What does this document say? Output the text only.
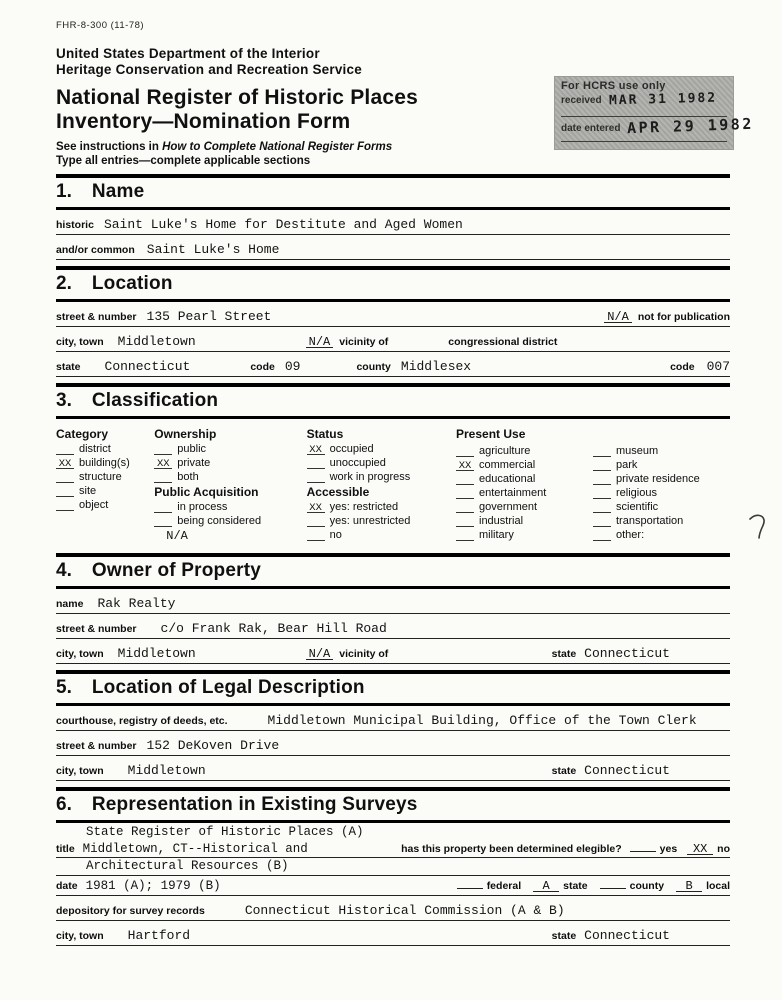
FHR-8-300 (11-78)
United States Department of the Interior
Heritage Conservation and Recreation Service
National Register of Historic Places
Inventory—Nomination Form
See instructions in How to Complete National Register Forms
Type all entries—complete applicable sections
1. Name
historic Saint Luke's Home for Destitute and Aged Women
and/or common Saint Luke's Home
2. Location
street & number 135 Pearl Street	N/A not for publication
city, town Middletown	N/A vicinity of	congressional district
state Connecticut	code 09	county Middlesex	code 007
3. Classification
Category
district
XX building(s)
structure
site
object
Ownership
public
XX private
both
Public Acquisition
in process
being considered
N/A
Status
XX occupied
unoccupied
work in progress
Accessible
XX yes: restricted
yes: unrestricted
no
Present Use
agriculture
XX commercial
educational
entertainment
government
industrial
military
museum
park
private residence
religious
scientific
transportation
other:
4. Owner of Property
name Rak Realty
street & number c/o Frank Rak, Bear Hill Road
city, town Middletown	N/A vicinity of	state Connecticut
5. Location of Legal Description
courthouse, registry of deeds, etc.	Middletown Municipal Building, Office of the Town Clerk
street & number 152 DeKoven Drive
city, town Middletown	state Connecticut
6. Representation in Existing Surveys
State Register of Historic Places (A)
title Middletown, CT--Historical and	has this property been determined elegible?	yes	XX no
Architectural Resources (B)
date 1981 (A); 1979 (B)	federal	A	state	county	B	local
depository for survey records	Connecticut Historical Commission (A & B)
city, town Hartford	state Connecticut
For HCRS use only
received MAR 31 1982
date entered APR 29 1982
